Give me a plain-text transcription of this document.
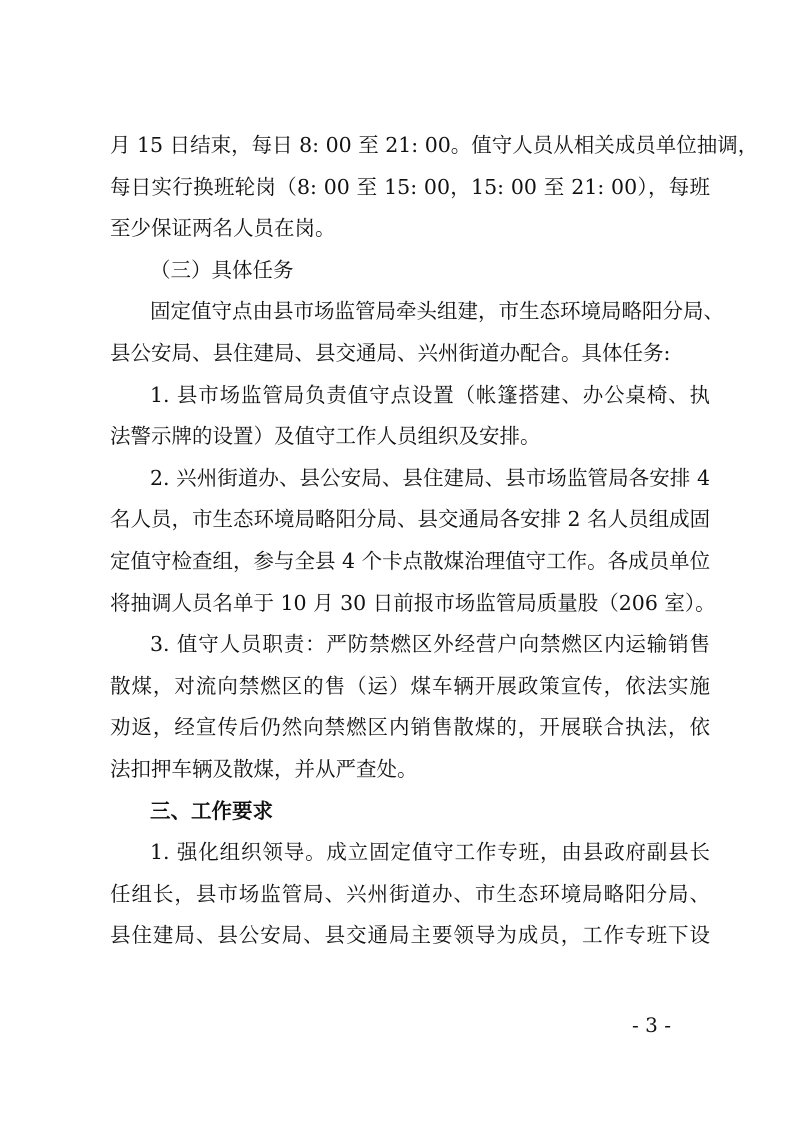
月 15 日结束，每日 8: 00 至 21: 00。值守人员从相关成员单位抽调，
每日实行换班轮岗（8: 00 至 15: 00，15: 00 至 21: 00），每班
至少保证两名人员在岗。
（三）具体任务
固定值守点由县市场监管局牵头组建，市生态环境局略阳分局、
县公安局、县住建局、县交通局、兴州街道办配合。具体任务:
1. 县市场监管局负责值守点设置（帐篷搭建、办公桌椅、执
法警示牌的设置）及值守工作人员组织及安排。
2. 兴州街道办、县公安局、县住建局、县市场监管局各安排 4
名人员，市生态环境局略阳分局、县交通局各安排 2 名人员组成固
定值守检查组，参与全县 4 个卡点散煤治理值守工作。各成员单位
将抽调人员名单于 10 月 30 日前报市场监管局质量股（206 室）。
3. 值守人员职责：严防禁燃区外经营户向禁燃区内运输销售
散煤，对流向禁燃区的售（运）煤车辆开展政策宣传，依法实施
劝返，经宣传后仍然向禁燃区内销售散煤的，开展联合执法，依
法扣押车辆及散煤，并从严查处。
三、工作要求
1. 强化组织领导。成立固定值守工作专班，由县政府副县长
任组长，县市场监管局、兴州街道办、市生态环境局略阳分局、
县住建局、县公安局、县交通局主要领导为成员，工作专班下设
- 3 -
